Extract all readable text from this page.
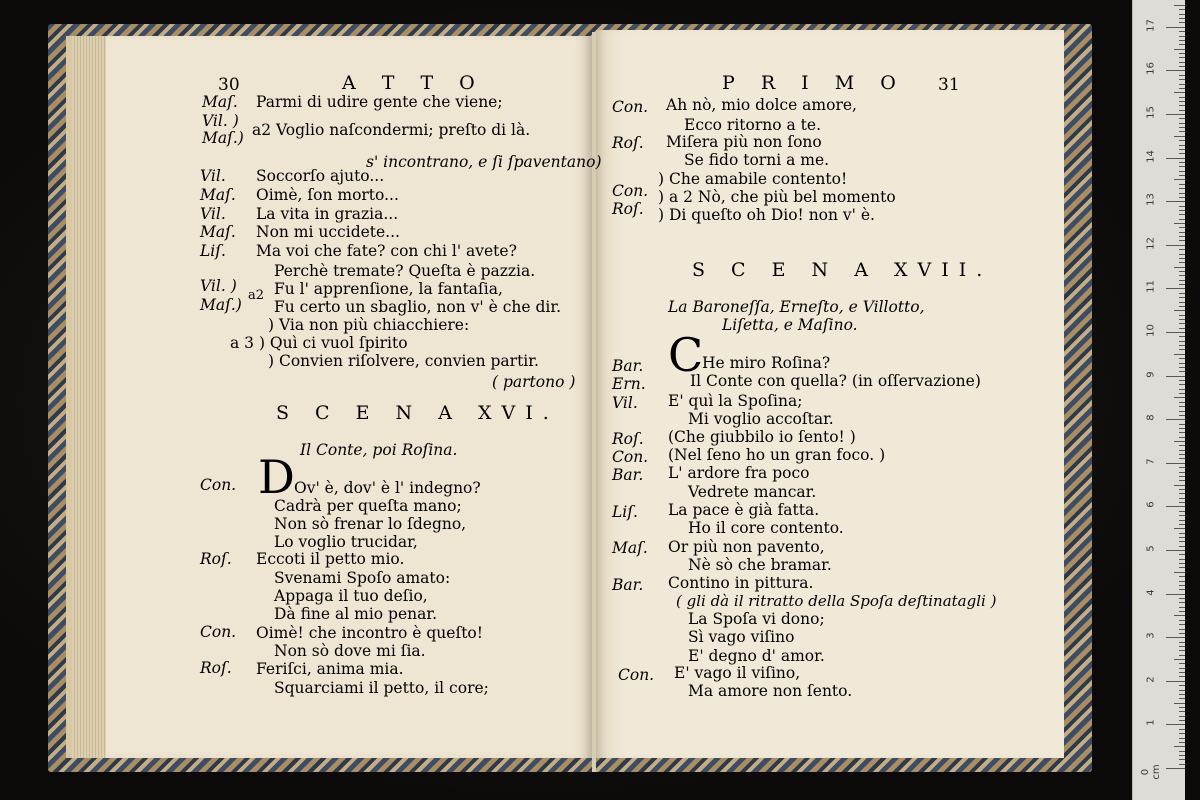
30	A T T O
Maſ. Parmi di udire gente che viene;
Vil. )
Maſ.) a2 Voglio naſcondermi; preſto di là.
s' incontrano, e ſi ſpaventano)
Vil. Soccorſo ajuto...
Maſ. Oimè, ſon morto...
Vil. La vita in grazia...
Maſ. Non mi uccidete...
Liſ. Ma voi che fate? con chi l' avete?
Perchè tremate? Queſta è pazzia.
Vil. ) Fu l' apprenſione, la fantaſia,
a2
Maſ.) Fu certo un sbaglio, non v' è che dir.
) Via non più chiacchiere:
a 3 ) Quì ci vuol ſpirito
) Convien riſolvere, convien partir.
( partono )
S C E N A XVI.
Il Conte, poi Roſina.
D
Con.	Ov' è, dov' è l' indegno?
Cadrà per queſta mano;
Non sò frenar lo ſdegno,
Lo voglio trucidar,
Roſ. Eccoti il petto mio.
Svenami Spoſo amato:
Appaga il tuo deſio,
Dà fine al mio penar.
Con. Oimè! che incontro è queſto!
Non sò dove mi ſia.
Roſ. Feriſci, anima mia.
Squarciami il petto, il core;
P R I M O 31
Con. Ah nò, mio dolce amore,
Ecco ritorno a te.
Roſ. Miſera più non ſono
Se fido torni a me.
) Che amabile contento!
Con. ) a 2 Nò, che più bel momento
Roſ. ) Di queſto oh Dio! non v' è.
S C E N A XVII.
La Baroneſſa, Erneſto, e Villotto,
Liſetta, e Maſino.
C
Bar.	He miro Roſina?
Ern.	Il Conte con quella? (in oſſervazione)
Vil. E' quì la Spoſina;
Mi voglio accoſtar.
Roſ. (Che giubbilo io ſento! )
Con. (Nel ſeno ho un gran foco. )
Bar. L' ardore fra poco
Vedrete mancar.
Liſ. La pace è già fatta.
Ho il core contento.
Maſ. Or più non pavento,
Nè sò che bramar.
Bar. Contino in pittura.
( gli dà il ritratto della Spoſa deſtinatagli )
La Spoſa vi dono;
Sì vago viſino
E' degno d' amor.
Con. E' vago il viſino,
Ma amore non ſento.
0 cm
1
2
3
4
5
6
7
8
9
10
11
12
13
14
15
16
17
